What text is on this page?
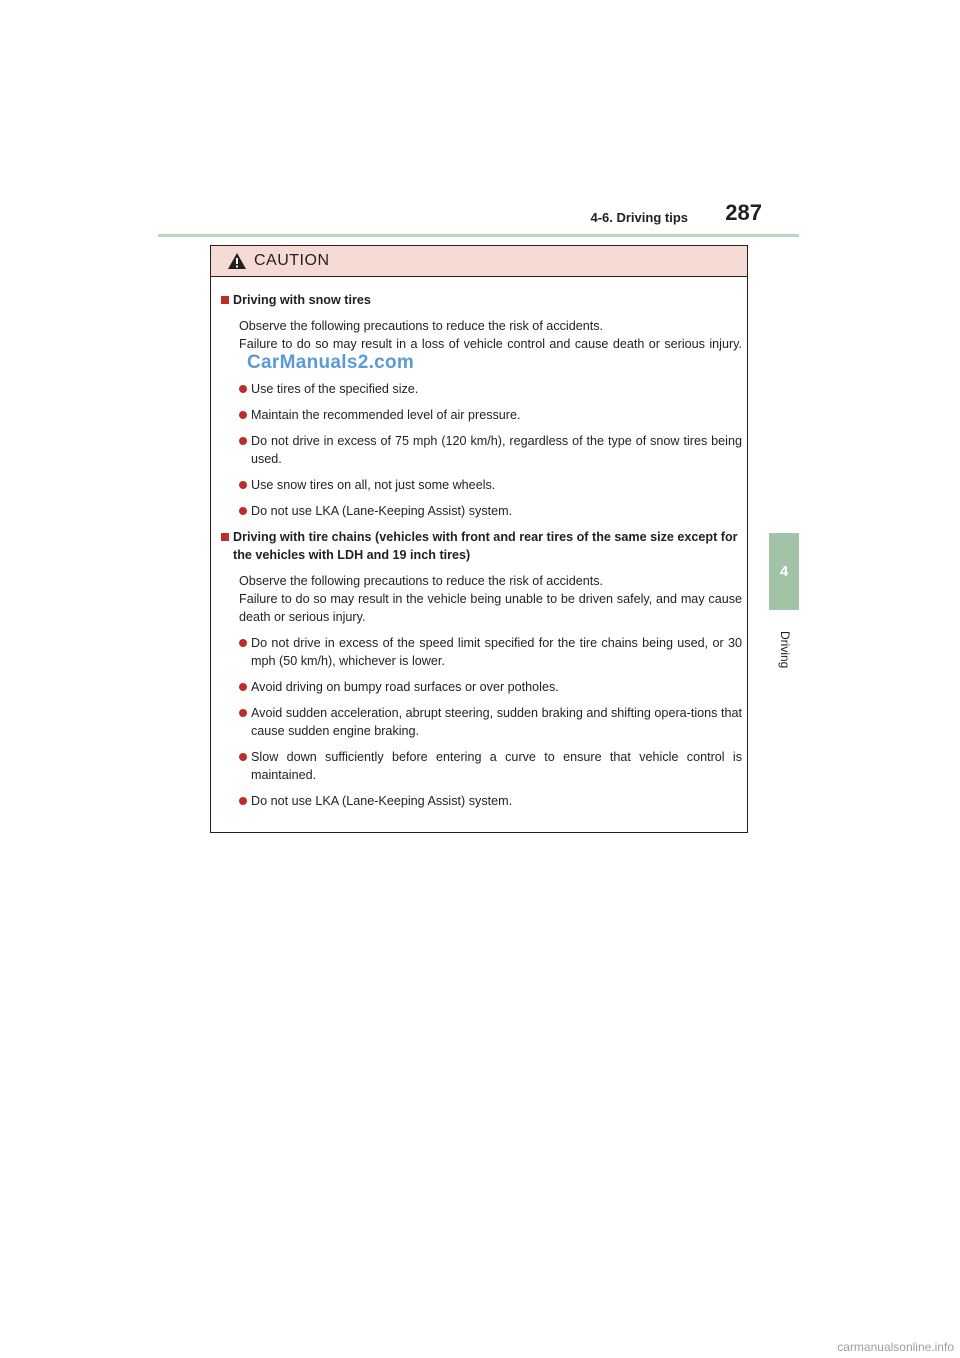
4-6. Driving tips	287
4
Driving
CAUTION
Driving with snow tires
Observe the following precautions to reduce the risk of accidents.
Failure to do so may result in a loss of vehicle control and cause death or serious injury.CarManuals2.com
Use tires of the specified size.
Maintain the recommended level of air pressure.
Do not drive in excess of 75 mph (120 km/h), regardless of the type of snow tires being used.
Use snow tires on all, not just some wheels.
Do not use LKA (Lane-Keeping Assist) system.
Driving with tire chains (vehicles with front and rear tires of the same size except for the vehicles with LDH and 19 inch tires)
Observe the following precautions to reduce the risk of accidents.
Failure to do so may result in the vehicle being unable to be driven safely, and may cause death or serious injury.
Do not drive in excess of the speed limit specified for the tire chains being used, or 30 mph (50 km/h), whichever is lower.
Avoid driving on bumpy road surfaces or over potholes.
Avoid sudden acceleration, abrupt steering, sudden braking and shifting opera-tions that cause sudden engine braking.
Slow down sufficiently before entering a curve to ensure that vehicle control is maintained.
Do not use LKA (Lane-Keeping Assist) system.
carmanualsonline.info
